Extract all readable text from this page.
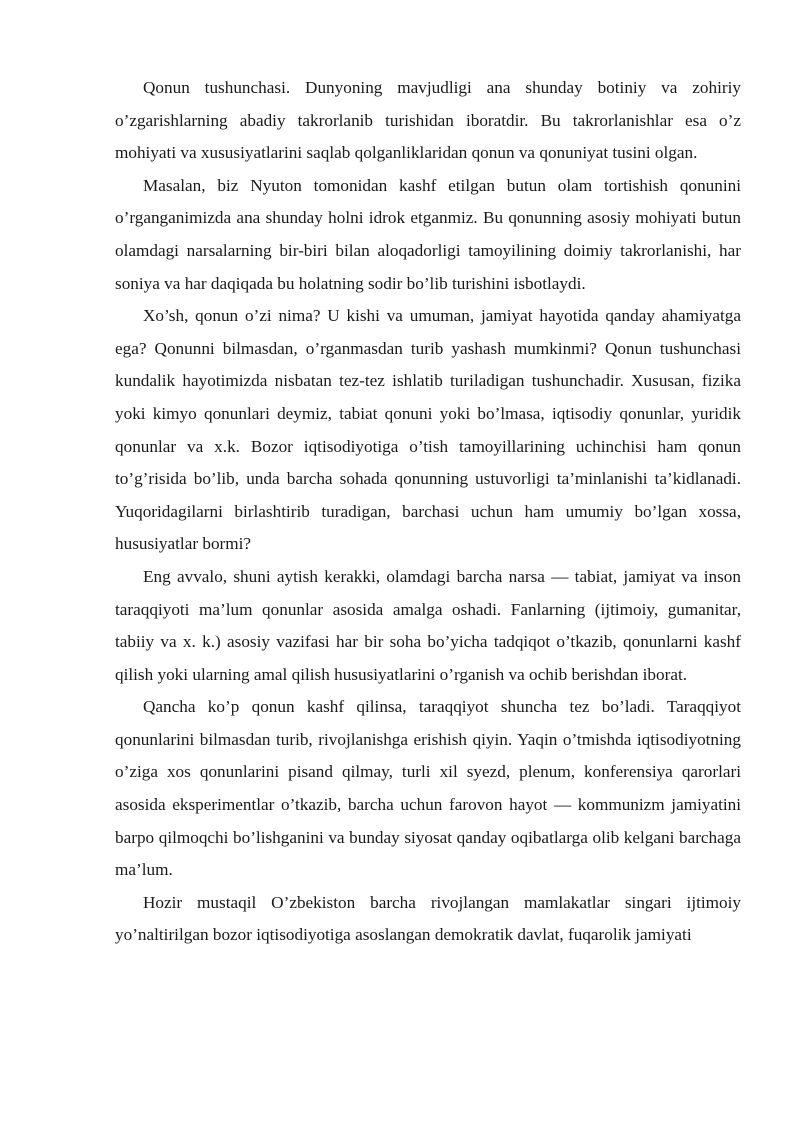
Qonun tushunchasi. Dunyoning mavjudligi ana shunday botiniy va zohiriy o’zgarishlarning abadiy takrorlanib turishidan iboratdir. Bu takrorlanishlar esa o’z mohiyati va xususiyatlarini saqlab qolganliklaridan qonun va qonuniyat tusini olgan.

Masalan, biz Nyuton tomonidan kashf etilgan butun olam tortishish qonunini o’rganganimizda ana shunday holni idrok etganmiz. Bu qonunning asosiy mohiyati butun olamdagi narsalarning bir-biri bilan aloqadorligi tamoyilining doimiy takrorlanishi, har soniya va har daqiqada bu holatning sodir bo’lib turishini isbotlaydi.

Xo’sh, qonun o’zi nima? U kishi va umuman, jamiyat hayotida qanday ahamiyatga ega? Qonunni bilmasdan, o’rganmasdan turib yashash mumkinmi? Qonun tushunchasi kundalik hayotimizda nisbatan tez-tez ishlatib turiladigan tushunchadir. Xususan, fizika yoki kimyo qonunlari deymiz, tabiat qonuni yoki bo’lmasa, iqtisodiy qonunlar, yuridik qonunlar va x.k. Bozor iqtisodiyotiga o’tish tamoyillarining uchinchisi ham qonun to’g’risida bo’lib, unda barcha sohada qonunning ustuvorligi ta’minlanishi ta’kidlanadi. Yuqoridagilarni birlashtirib turadigan, barchasi uchun ham umumiy bo’lgan xossa, hususiyatlar bormi?

Eng avvalo, shuni aytish kerakki, olamdagi barcha narsa — tabiat, jamiyat va inson taraqqiyoti ma’lum qonunlar asosida amalga oshadi. Fanlarning (ijtimoiy, gumanitar, tabiiy va x. k.) asosiy vazifasi har bir soha bo’yicha tadqiqot o’tkazib, qonunlarni kashf qilish yoki ularning amal qilish hususiyatlarini o’rganish va ochib berishdan iborat.

Qancha ko’p qonun kashf qilinsa, taraqqiyot shuncha tez bo’ladi. Taraqqiyot qonunlarini bilmasdan turib, rivojlanishga erishish qiyin. Yaqin o’tmishda iqtisodiyotning o’ziga xos qonunlarini pisand qilmay, turli xil syezd, plenum, konferensiya qarorlari asosida eksperimentlar o’tkazib, barcha uchun farovon hayot — kommunizm jamiyatini barpo qilmoqchi bo’lishganini va bunday siyosat qanday oqibatlarga olib kelgani barchaga ma’lum.

Hozir mustaqil O’zbekiston barcha rivojlangan mamlakatlar singari ijtimoiy yo’naltirilgan bozor iqtisodiyotiga asoslangan demokratik davlat, fuqarolik jamiyati
